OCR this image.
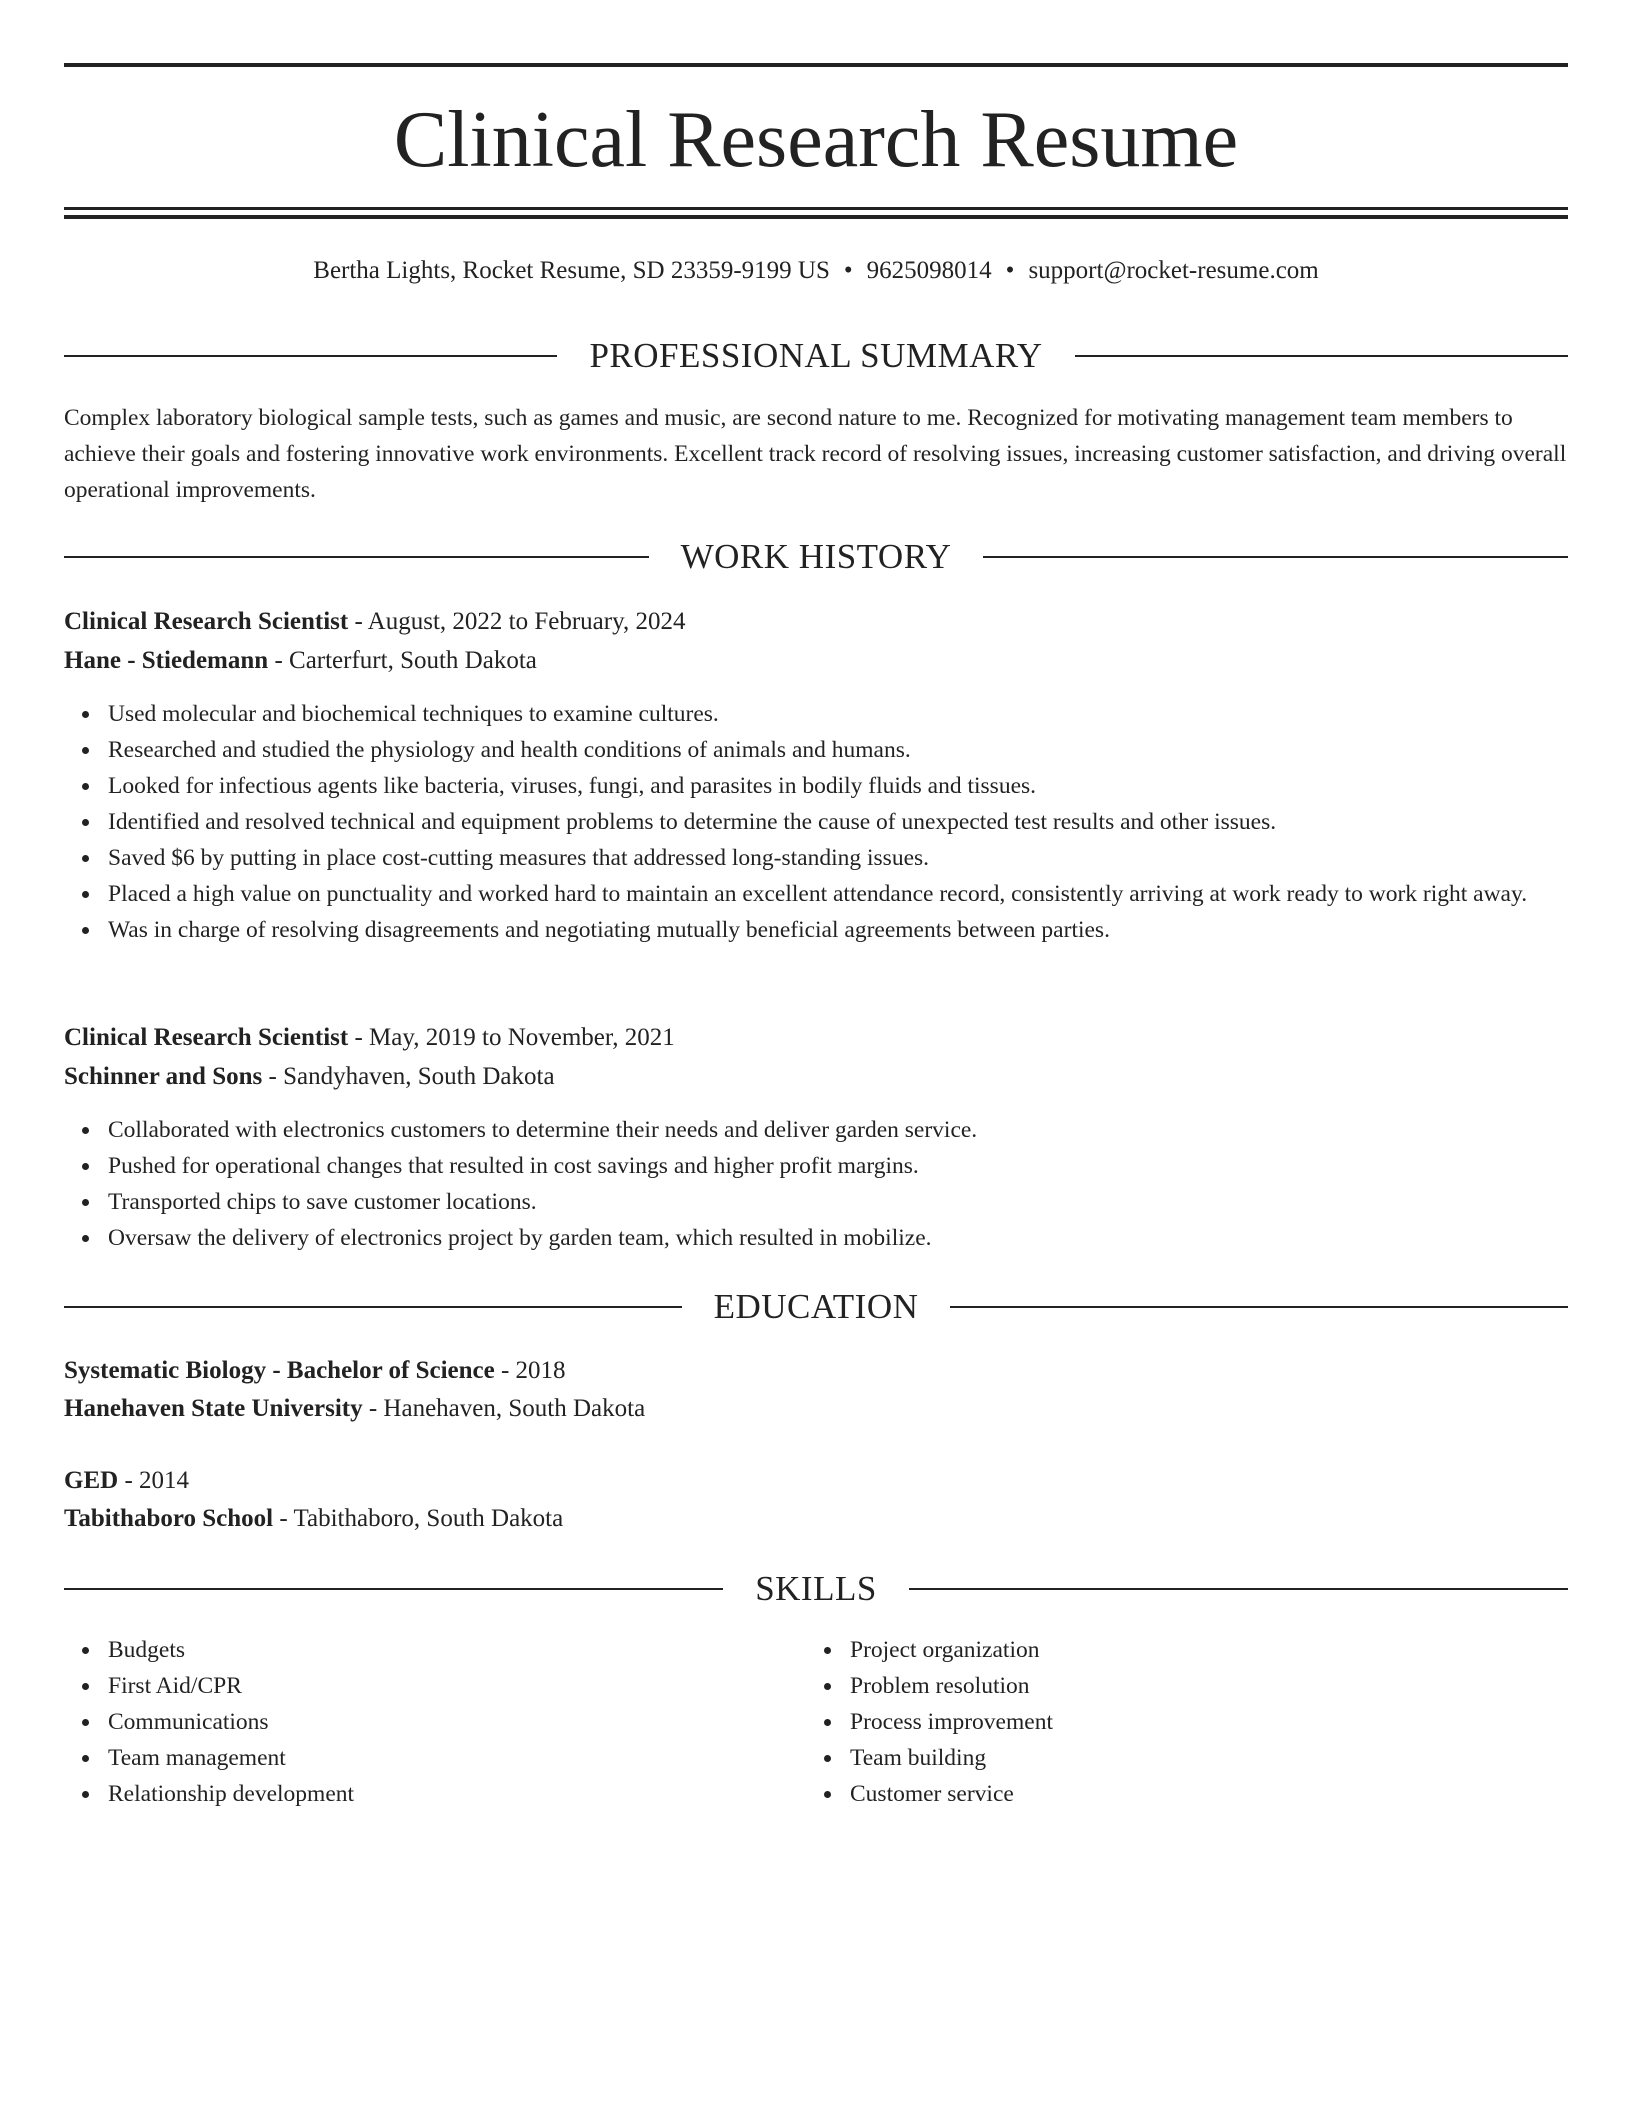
Clinical Research Resume
Bertha Lights, Rocket Resume, SD 23359-9199 US • 9625098014 • support@rocket-resume.com
PROFESSIONAL SUMMARY
Complex laboratory biological sample tests, such as games and music, are second nature to me. Recognized for motivating management team members to achieve their goals and fostering innovative work environments. Excellent track record of resolving issues, increasing customer satisfaction, and driving overall operational improvements.
WORK HISTORY
Clinical Research Scientist - August, 2022 to February, 2024
Hane - Stiedemann - Carterfurt, South Dakota
Used molecular and biochemical techniques to examine cultures.
Researched and studied the physiology and health conditions of animals and humans.
Looked for infectious agents like bacteria, viruses, fungi, and parasites in bodily fluids and tissues.
Identified and resolved technical and equipment problems to determine the cause of unexpected test results and other issues.
Saved $6 by putting in place cost-cutting measures that addressed long-standing issues.
Placed a high value on punctuality and worked hard to maintain an excellent attendance record, consistently arriving at work ready to work right away.
Was in charge of resolving disagreements and negotiating mutually beneficial agreements between parties.
Clinical Research Scientist - May, 2019 to November, 2021
Schinner and Sons - Sandyhaven, South Dakota
Collaborated with electronics customers to determine their needs and deliver garden service.
Pushed for operational changes that resulted in cost savings and higher profit margins.
Transported chips to save customer locations.
Oversaw the delivery of electronics project by garden team, which resulted in mobilize.
EDUCATION
Systematic Biology - Bachelor of Science - 2018
Hanehaven State University - Hanehaven, South Dakota
GED - 2014
Tabithaboro School - Tabithaboro, South Dakota
SKILLS
Budgets
First Aid/CPR
Communications
Team management
Relationship development
Project organization
Problem resolution
Process improvement
Team building
Customer service
